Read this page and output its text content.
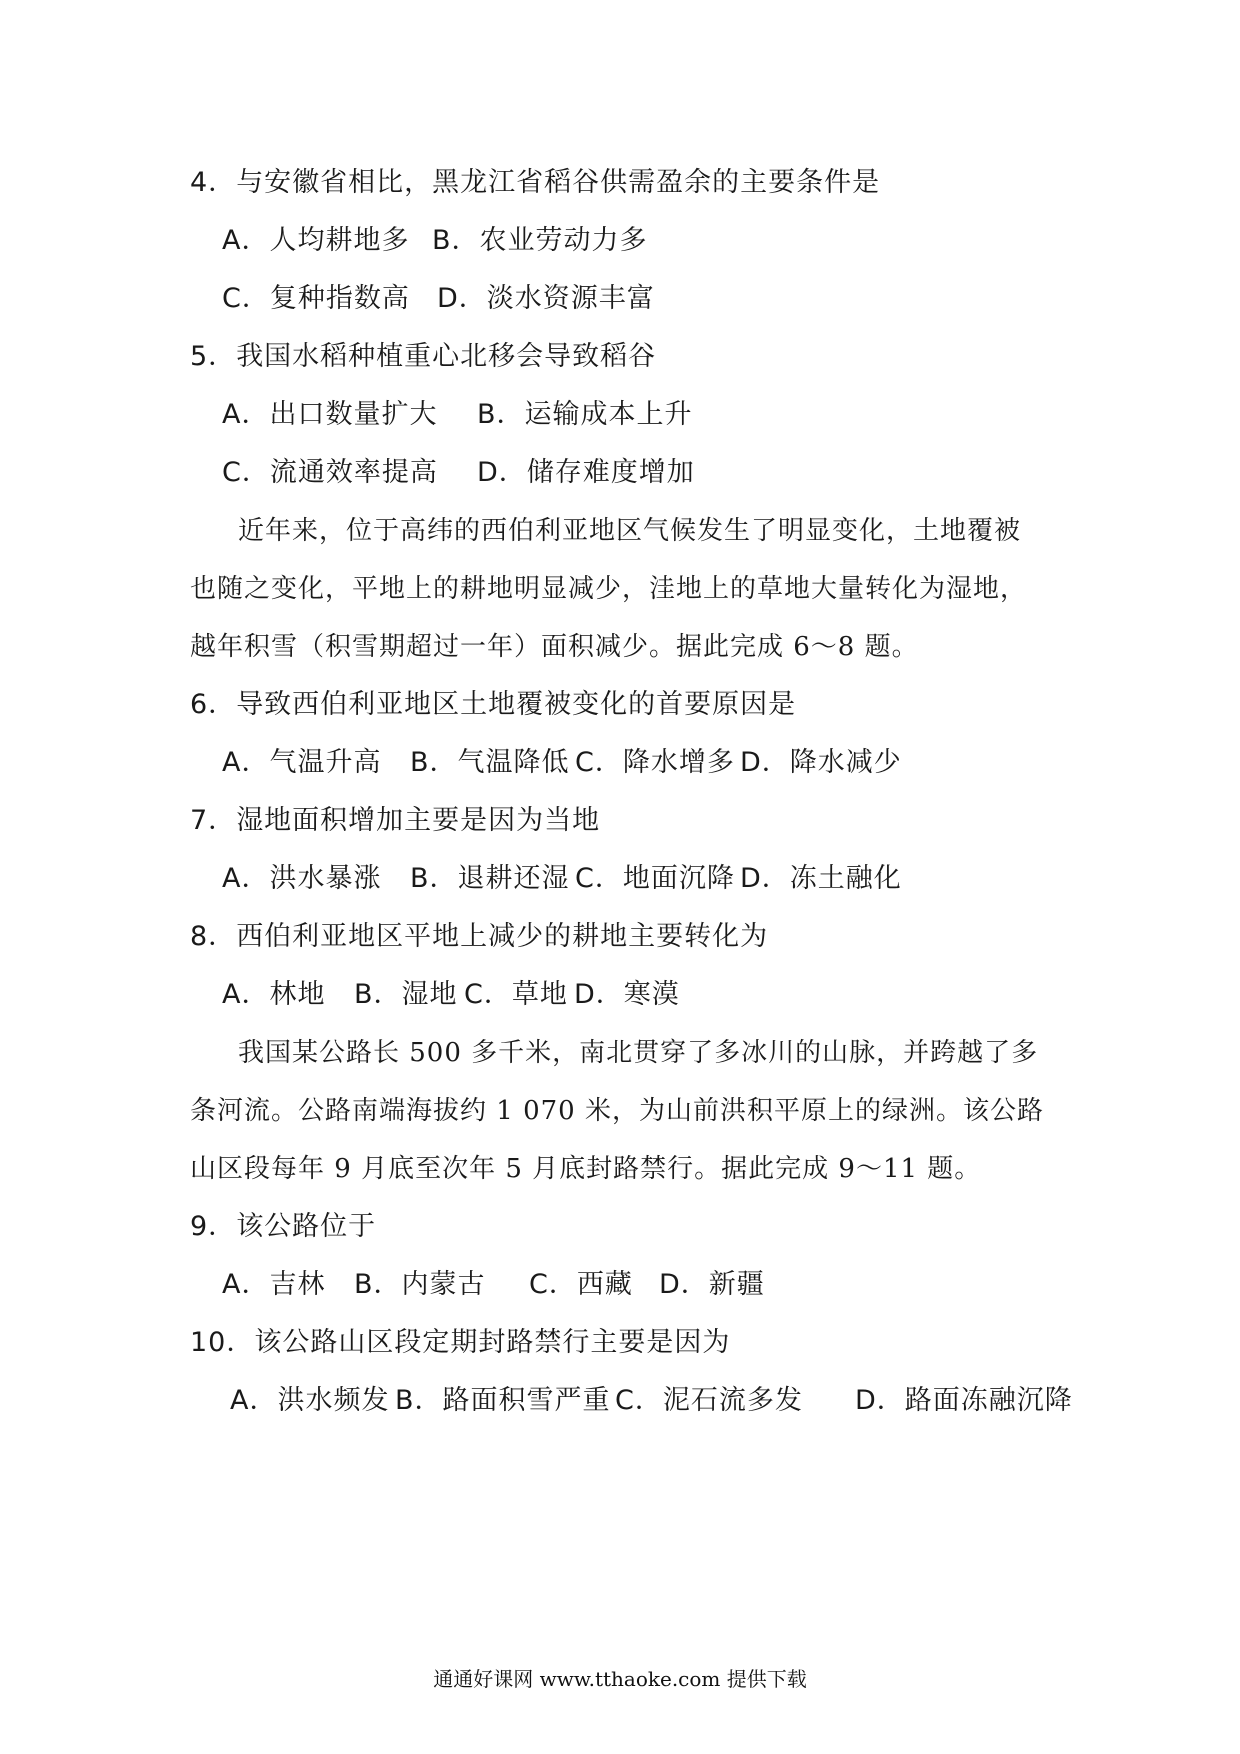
4．与安徽省相比，黑龙江省稻谷供需盈余的主要条件是
A．人均耕地多 B．农业劳动力多
C．复种指数高 D．淡水资源丰富
5．我国水稻种植重心北移会导致稻谷
A．出口数量扩大 B．运输成本上升
C．流通效率提高 D．储存难度增加
近年来，位于高纬的西伯利亚地区气候发生了明显变化，土地覆被
也随之变化，平地上的耕地明显减少，洼地上的草地大量转化为湿地，
越年积雪（积雪期超过一年）面积减少。据此完成 6～8 题。
6．导致西伯利亚地区土地覆被变化的首要原因是
A．气温升高 B．气温降低 C．降水增多 D．降水减少
7．湿地面积增加主要是因为当地
A．洪水暴涨 B．退耕还湿 C．地面沉降 D．冻土融化
8．西伯利亚地区平地上减少的耕地主要转化为
A．林地 B．湿地 C．草地 D．寒漠
我国某公路长 500 多千米，南北贯穿了多冰川的山脉，并跨越了多
条河流。公路南端海拔约 1 070 米，为山前洪积平原上的绿洲。该公路
山区段每年 9 月底至次年 5 月底封路禁行。据此完成 9～11 题。
9．该公路位于
A．吉林 B．内蒙古 C．西藏 D．新疆
10．该公路山区段定期封路禁行主要是因为
A．洪水频发 B．路面积雪严重 C．泥石流多发 D．路面冻融沉降
通通好课网 www.tthaoke.com 提供下载
